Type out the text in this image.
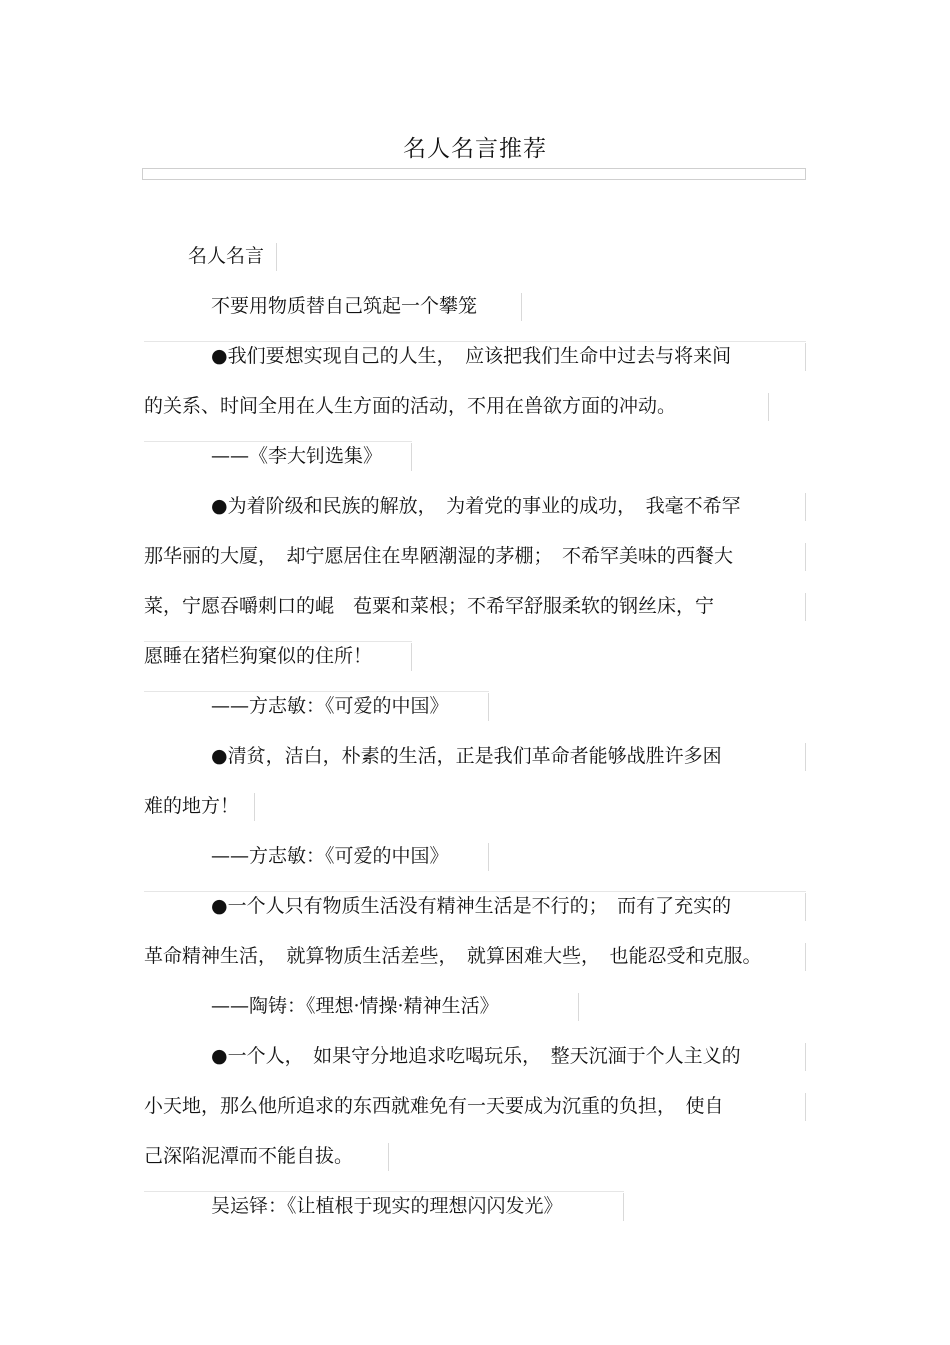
名人名言推荐
名人名言
不要用物质替自己筑起一个攀笼
●我们要想实现自己的人生，　应该把我们生命中过去与将来间
的关系、时间全用在人生方面的活动，不用在兽欲方面的冲动。
——《李大钊选集》
●为着阶级和民族的解放，　为着党的事业的成功，　我毫不希罕
那华丽的大厦，　却宁愿居住在卑陋潮湿的茅棚；　不希罕美味的西餐大
菜，宁愿吞嚼刺口的崐　苞粟和菜根；不希罕舒服柔软的钢丝床，宁
愿睡在猪栏狗窠似的住所！
——方志敏：《可爱的中国》
●清贫，洁白，朴素的生活，正是我们革命者能够战胜许多困
难的地方！
——方志敏：《可爱的中国》
●一个人只有物质生活没有精神生活是不行的；　而有了充实的
革命精神生活，　就算物质生活差些，　就算困难大些，　也能忍受和克服。
——陶铸：《理想·情操·精神生活》
●一个人，　如果守分地追求吃喝玩乐，　整天沉湎于个人主义的
小天地，那么他所追求的东西就难免有一天要成为沉重的负担，　使自
己深陷泥潭而不能自拔。
吴运铎：《让植根于现实的理想闪闪发光》
